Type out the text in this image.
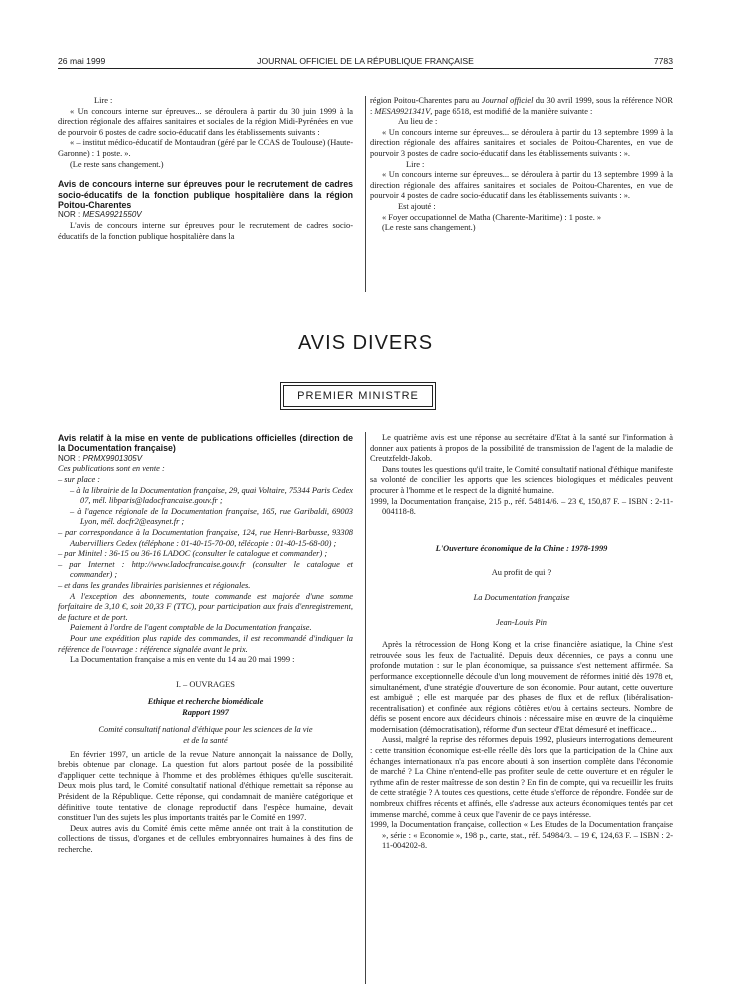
26 mai 1999	JOURNAL OFFICIEL DE LA RÉPUBLIQUE FRANÇAISE	7783

Lire :

« Un concours interne sur épreuves... se déroulera à partir du 30 juin 1999 à la direction régionale des affaires sanitaires et sociales de la région Midi-Pyrénées en vue de pourvoir 6 postes de cadre socio-éducatif dans les établissements suivants :

« – institut médico-éducatif de Montaudran (géré par le CCAS de Toulouse) (Haute-Garonne) : 1 poste. ».

(Le reste sans changement.)

Avis de concours interne sur épreuves pour le recrutement de cadres socio-éducatifs de la fonction publique hospitalière dans la région Poitou-Charentes

NOR : MESA9921550V

L'avis de concours interne sur épreuves pour le recrutement de cadres socio-éducatifs de la fonction publique hospitalière dans la

région Poitou-Charentes paru au Journal officiel du 30 avril 1999, sous la référence NOR : MESA9921341V, page 6518, est modifié de la manière suivante :

Au lieu de :

« Un concours interne sur épreuves... se déroulera à partir du 13 septembre 1999 à la direction régionale des affaires sanitaires et sociales de Poitou-Charentes, en vue de pourvoir 3 postes de cadre socio-éducatif dans les établissements suivants : ».

Lire :

« Un concours interne sur épreuves... se déroulera à partir du 13 septembre 1999 à la direction régionale des affaires sanitaires et sociales de Poitou-Charentes, en vue de pourvoir 4 postes de cadre socio-éducatif dans les établissements suivants : ».

Est ajouté :

« Foyer occupationnel de Matha (Charente-Maritime) : 1 poste. »

(Le reste sans changement.)

AVIS DIVERS
PREMIER MINISTRE

Avis relatif à la mise en vente de publications officielles (direction de la Documentation française)

NOR : PRMX9901305V

Ces publications sont en vente :

– sur place :

– à la librairie de la Documentation française, 29, quai Voltaire, 75344 Paris Cedex 07, mél. libparis@ladocfrancaise.gouv.fr ;

– à l'agence régionale de la Documentation française, 165, rue Garibaldi, 69003 Lyon, mél. docfr2@easynet.fr ;

– par correspondance à la Documentation française, 124, rue Henri-Barbusse, 93308 Aubervilliers Cedex (téléphone : 01-40-15-70-00, télécopie : 01-40-15-68-00) ;

– par Minitel : 36-15 ou 36-16 LADOC (consulter le catalogue et commander) ;

– par Internet : http://www.ladocfrancaise.gouv.fr (consulter le catalogue et commander) ;

– et dans les grandes librairies parisiennes et régionales.

A l'exception des abonnements, toute commande est majorée d'une somme forfaitaire de 3,10 €, soit 20,33 F (TTC), pour participation aux frais d'enregistrement, de facture et de port.

Paiement à l'ordre de l'agent comptable de la Documentation française.

Pour une expédition plus rapide des commandes, il est recommandé d'indiquer la référence de l'ouvrage : référence signalée avant le prix.

La Documentation française a mis en vente du 14 au 20 mai 1999 :

I. – OUVRAGES

Ethique et recherche biomédicale

Rapport 1997

Comité consultatif national d'éthique pour les sciences de la vie et de la santé

En février 1997, un article de la revue Nature annonçait la naissance de Dolly, brebis obtenue par clonage. La question fut alors partout posée de la possibilité d'appliquer cette technique à l'homme et des problèmes éthiques qu'elle susciterait. Deux mois plus tard, le Comité consultatif national d'éthique remettait sa réponse au Président de la République. Cette réponse, qui condamnait de manière catégorique et définitive toute tentative de clonage reproductif dans l'espèce humaine, devait constituer l'un des sujets les plus importants traités par le Comité en 1997.

Deux autres avis du Comité émis cette même année ont trait à la constitution de collections de tissus, d'organes et de cellules embryonnaires humaines à des fins de recherche.

Le quatrième avis est une réponse au secrétaire d'Etat à la santé sur l'information à donner aux patients à propos de la possibilité de transmission de l'agent de la maladie de Creutzfeldt-Jakob.

Dans toutes les questions qu'il traite, le Comité consultatif national d'éthique manifeste sa volonté de concilier les apports que les sciences biologiques et médicales peuvent procurer à l'homme et le respect de la dignité humaine.

1999, la Documentation française, 215 p., réf. 54814/6. – 23 €, 150,87 F. – ISBN : 2-11-004118-8.

L'Ouverture économique de la Chine : 1978-1999

Au profit de qui ?

La Documentation française

Jean-Louis Pin

Après la rétrocession de Hong Kong et la crise financière asiatique, la Chine s'est retrouvée sous les feux de l'actualité. Depuis deux décennies, ce pays a connu une profonde mutation : sur le plan économique, sa puissance s'est nettement affirmée. Sa performance exceptionnelle découle d'un long mouvement de réformes initié dès 1978 et, simultanément, d'une stratégie d'ouverture de son économie. Pour autant, cette ouverture est ambiguë ; elle est marquée par des phases de flux et de reflux (libéralisation-recentralisation) et confinée aux régions côtières et/ou à certains secteurs. Nombre de défis se posent encore aux décideurs chinois : nécessaire mise en œuvre de la cinquième modernisation (démocratisation), réforme d'un secteur d'Etat démesuré et inefficace...

Aussi, malgré la reprise des réformes depuis 1992, plusieurs interrogations demeurent : cette transition économique est-elle réelle dès lors que la participation de la Chine aux échanges internationaux n'a pas encore abouti à son insertion complète dans l'économie de marché ? La Chine n'entend-elle pas profiter seule de cette ouverture et en réguler le rythme afin de rester maîtresse de son destin ? En fin de compte, qui va recueillir les fruits de cette stratégie ? A toutes ces questions, cette étude s'efforce de répondre. Fondée sur de nombreux chiffres récents et affinés, elle s'adresse aux acteurs économiques tentés par cet immense marché, comme à ceux que l'avenir de ce pays intéresse.

1999, la Documentation française, collection « Les Etudes de la Documentation française », série : « Economie », 198 p., carte, stat., réf. 54984/3. – 19 €, 124,63 F. – ISBN : 2-11-004202-8.
